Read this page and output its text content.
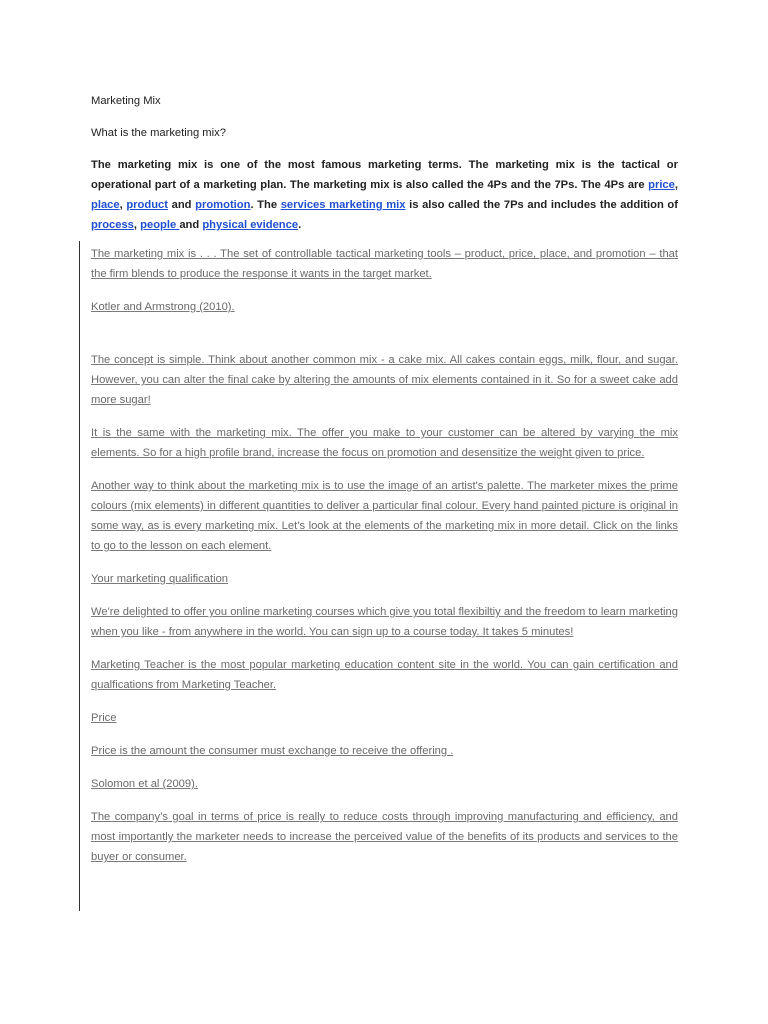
Marketing Mix

What is the marketing mix?

The marketing mix is one of the most famous marketing terms. The marketing mix is the tactical or operational part of a marketing plan. The marketing mix is also called the 4Ps and the 7Ps. The 4Ps are price, place, product and promotion. The services marketing mix is also called the 7Ps and includes the addition of process, people and physical evidence.

The marketing mix is . . . The set of controllable tactical marketing tools – product, price, place, and promotion – that the firm blends to produce the response it wants in the target market.

Kotler and Armstrong (2010).

The concept is simple. Think about another common mix - a cake mix. All cakes contain eggs, milk, flour, and sugar. However, you can alter the final cake by altering the amounts of mix elements contained in it. So for a sweet cake add more sugar!

It is the same with the marketing mix. The offer you make to your customer can be altered by varying the mix elements. So for a high profile brand, increase the focus on promotion and desensitize the weight given to price.

Another way to think about the marketing mix is to use the image of an artist's palette. The marketer mixes the prime colours (mix elements) in different quantities to deliver a particular final colour. Every hand painted picture is original in some way, as is every marketing mix. Let’s look at the elements of the marketing mix in more detail. Click on the links to go to the lesson on each element.

Your marketing qualification

We're delighted to offer you online marketing courses which give you total flexibiltiy and the freedom to learn marketing when you like - from anywhere in the world. You can sign up to a course today. It takes 5 minutes!

Marketing Teacher is the most popular marketing education content site in the world. You can gain certification and qualfications from Marketing Teacher.

Price

Price is the amount the consumer must exchange to receive the offering .

Solomon et al (2009).

The company’s goal in terms of price is really to reduce costs through improving manufacturing and efficiency, and most importantly the marketer needs to increase the perceived value of the benefits of its products and services to the buyer or consumer.
